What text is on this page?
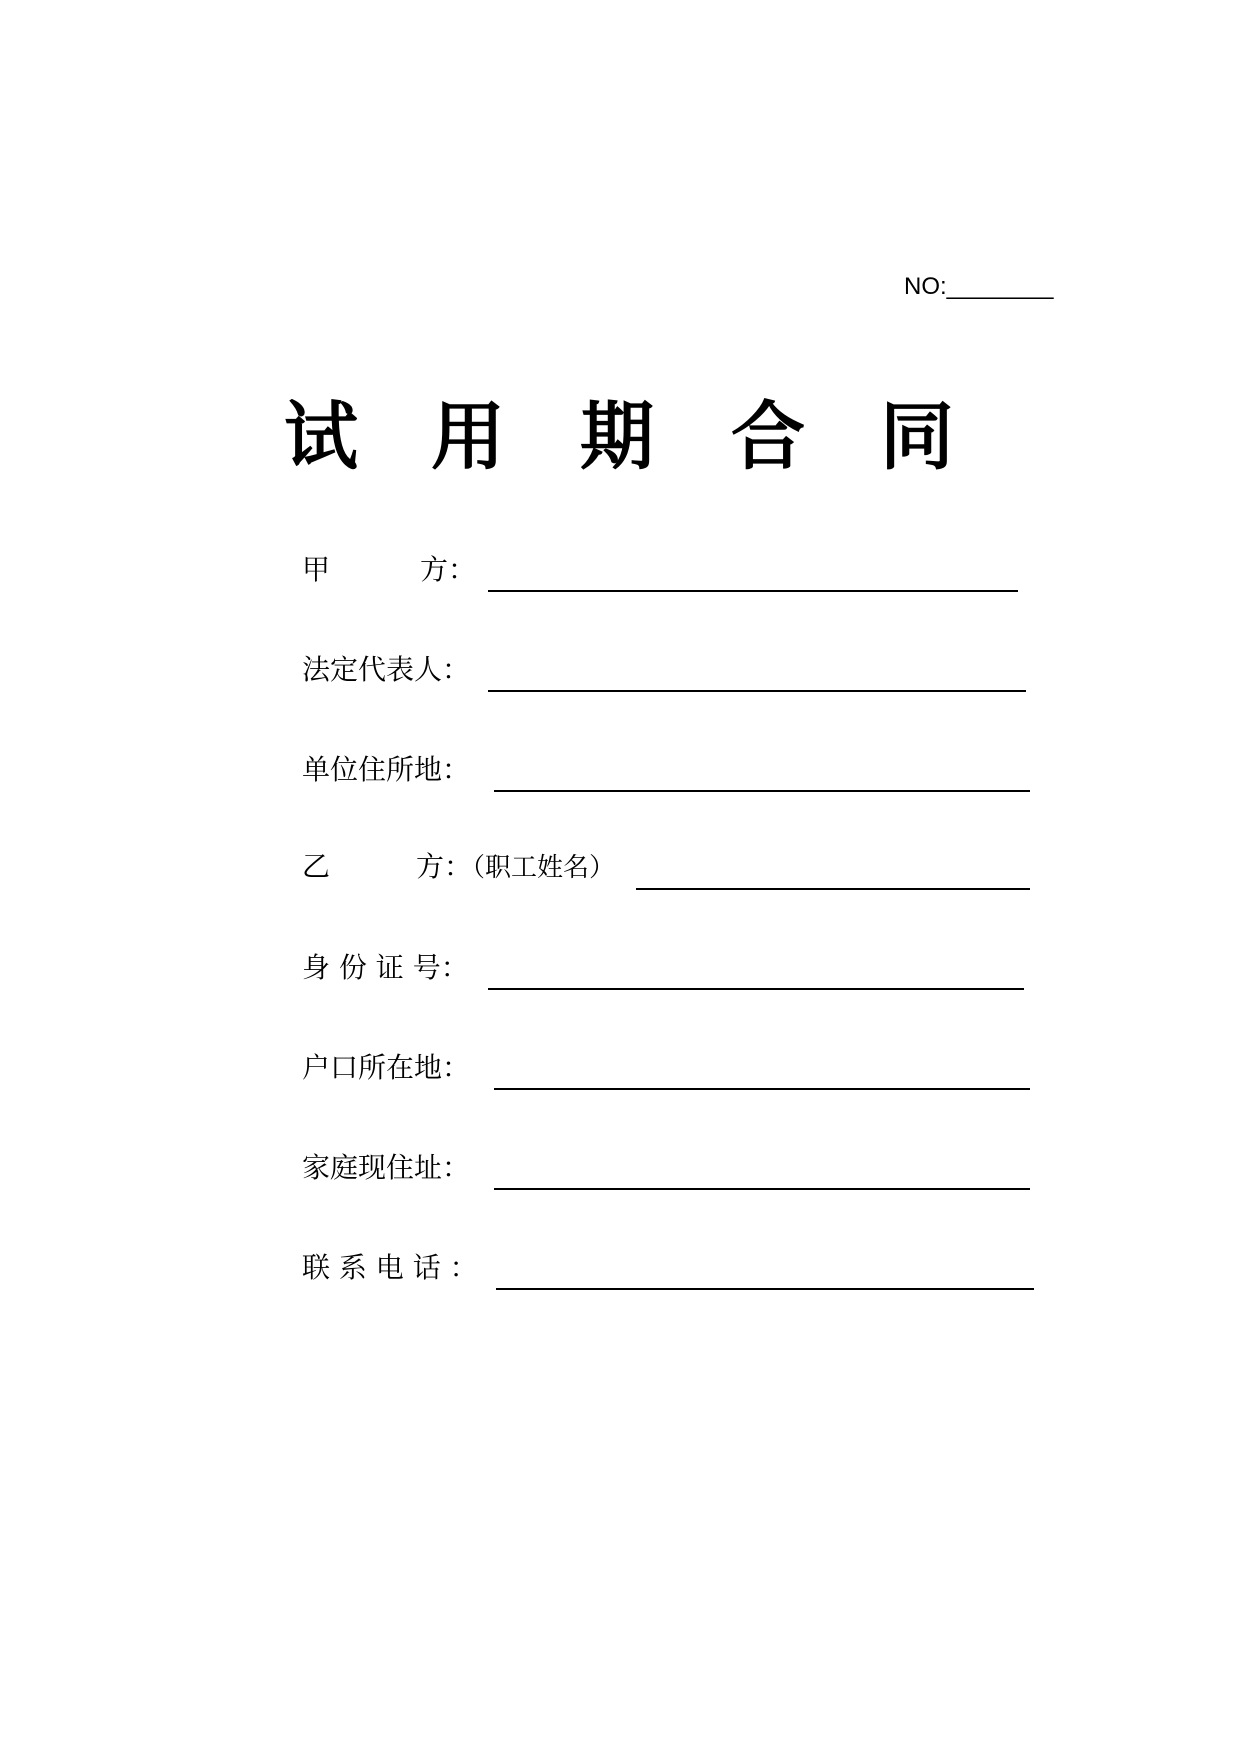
NO:________
试 用 期 合 同
甲	方：
法定代表人：
单位住所地：
乙	方：（职工姓名）
身 份 证 号：
户口所在地：
家庭现住址：
联 系 电 话 ：
